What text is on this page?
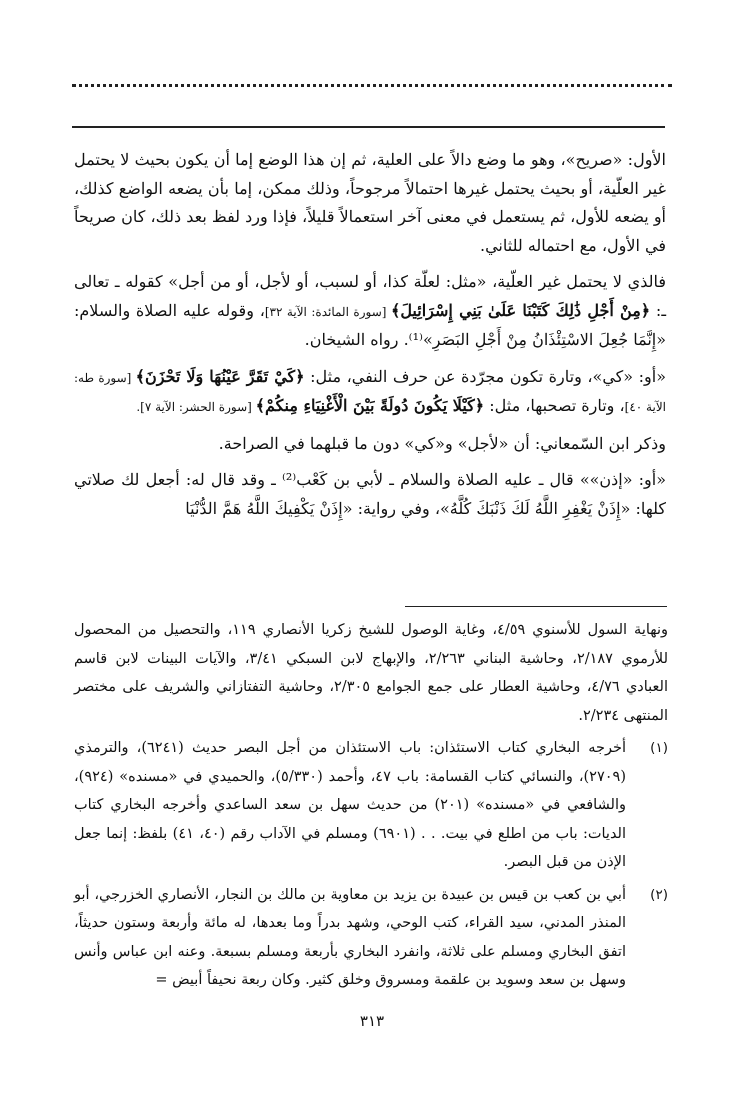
الأول: «صريح»، وهو ما وضع دالاً على العلية، ثم إن هذا الوضع إما أن يكون بحيث لا يحتمل غير العلّية، أو بحيث يحتمل غيرها احتمالاً مرجوحاً، وذلك ممكن، إما بأن يضعه الواضع كذلك، أو يضعه للأول، ثم يستعمل في معنى آخر استعمالاً قليلاً، فإذا ورد لفظ بعد ذلك، كان صريحاً في الأول، مع احتماله للثاني.

فالذي لا يحتمل غير العلّية، «مثل: لعلّة كذا، أو لسبب، أو لأجل، أو من أجل» كقوله ـ تعالى ـ: ﴿مِنْ أَجْلِ ذَٰلِكَ كَتَبْنَا عَلَىٰ بَنِي إِسْرَائِيلَ﴾ [سورة المائدة: الآية ٣٢]، وقوله عليه الصلاة والسلام: «إِنَّمَا جُعِلَ الاسْتِئْذَانُ مِنْ أَجْلِ البَصَرِ»⁽¹⁾. رواه الشيخان.

«أو: «كي»، وتارة تكون مجرّدة عن حرف النفي، مثل: ﴿كَيْ تَقَرَّ عَيْنُهَا وَلَا تَحْزَنَ﴾ [سورة طه: الآية ٤٠]، وتارة تصحبها، مثل: ﴿كَيْلَا يَكُونَ دُولَةً بَيْنَ الْأَغْنِيَاءِ مِنكُمْ﴾ [سورة الحشر: الآية ٧].

وذكر ابن السّمعاني: أن «لأجل» و«كي» دون ما قبلهما في الصراحة.

«أو: «إذن»» قال ـ عليه الصلاة والسلام ـ لأبي بن كَعْب⁽²⁾ ـ وقد قال له: أجعل لك صلاتي كلها: «إِذَنْ يَغْفِرِ اللَّهُ لَكَ ذَنْبَكَ كُلَّهُ»، وفي رواية: «إِذَنْ يَكْفِيكَ اللَّهُ هَمَّ الدُّنْيَا

ونهاية السول للأسنوي ٤/٥٩، وغاية الوصول للشيخ زكريا الأنصاري ١١٩، والتحصيل من المحصول للأرموي ٢/١٨٧، وحاشية البناني ٢/٢٦٣، والإبهاج لابن السبكي ٣/٤١، والآيات البينات لابن قاسم العبادي ٤/٧٦، وحاشية العطار على جمع الجوامع ٢/٣٠٥، وحاشية التفتازاني والشريف على مختصر المنتهى ٢/٢٣٤.
(١)
أخرجه البخاري كتاب الاستئذان: باب الاستئذان من أجل البصر حديث (٦٢٤١)، والترمذي (٢٧٠٩)، والنسائي كتاب القسامة: باب ٤٧، وأحمد (٥/٣٣٠)، والحميدي في «مسنده» (٩٢٤)، والشافعي في «مسنده» (٢٠١) من حديث سهل بن سعد الساعدي وأخرجه البخاري كتاب الديات: باب من اطلع في بيت. . . (٦٩٠١) ومسلم في الآداب رقم (٤٠، ٤١) بلفظ: إنما جعل الإذن من قبل البصر.
(٢)
أبي بن كعب بن قيس بن عبيدة بن يزيد بن معاوية بن مالك بن النجار، الأنصاري الخزرجي، أبو المنذر المدني، سيد القراء، كتب الوحي، وشهد بدراً وما بعدها، له مائة وأربعة وستون حديثاً، اتفق البخاري ومسلم على ثلاثة، وانفرد البخاري بأربعة ومسلم بسبعة. وعنه ابن عباس وأنس وسهل بن سعد وسويد بن علقمة ومسروق وخلق كثير. وكان ربعة نحيفاً أبيض =
٣١٣
